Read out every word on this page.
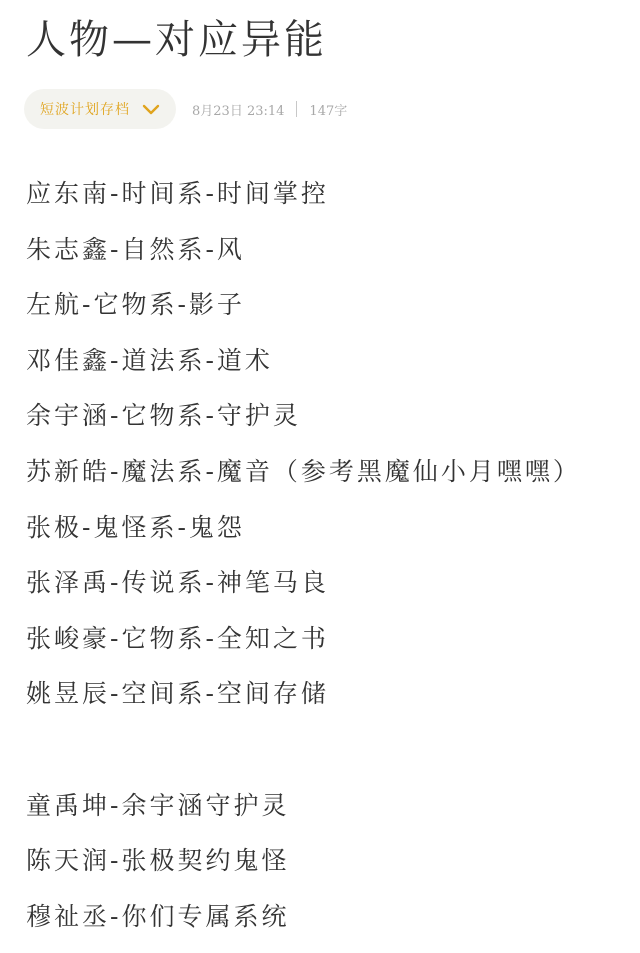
人物—对应异能
短波计划存档	8月23日 23:14 147字
应东南-时间系-时间掌控
朱志鑫-自然系-风
左航-它物系-影子
邓佳鑫-道法系-道术
余宇涵-它物系-守护灵
苏新皓-魔法系-魔音（参考黑魔仙小月嘿嘿）
张极-鬼怪系-鬼怨
张泽禹-传说系-神笔马良
张峻豪-它物系-全知之书
姚昱辰-空间系-空间存储
童禹坤-余宇涵守护灵
陈天润-张极契约鬼怪
穆祉丞-你们专属系统
